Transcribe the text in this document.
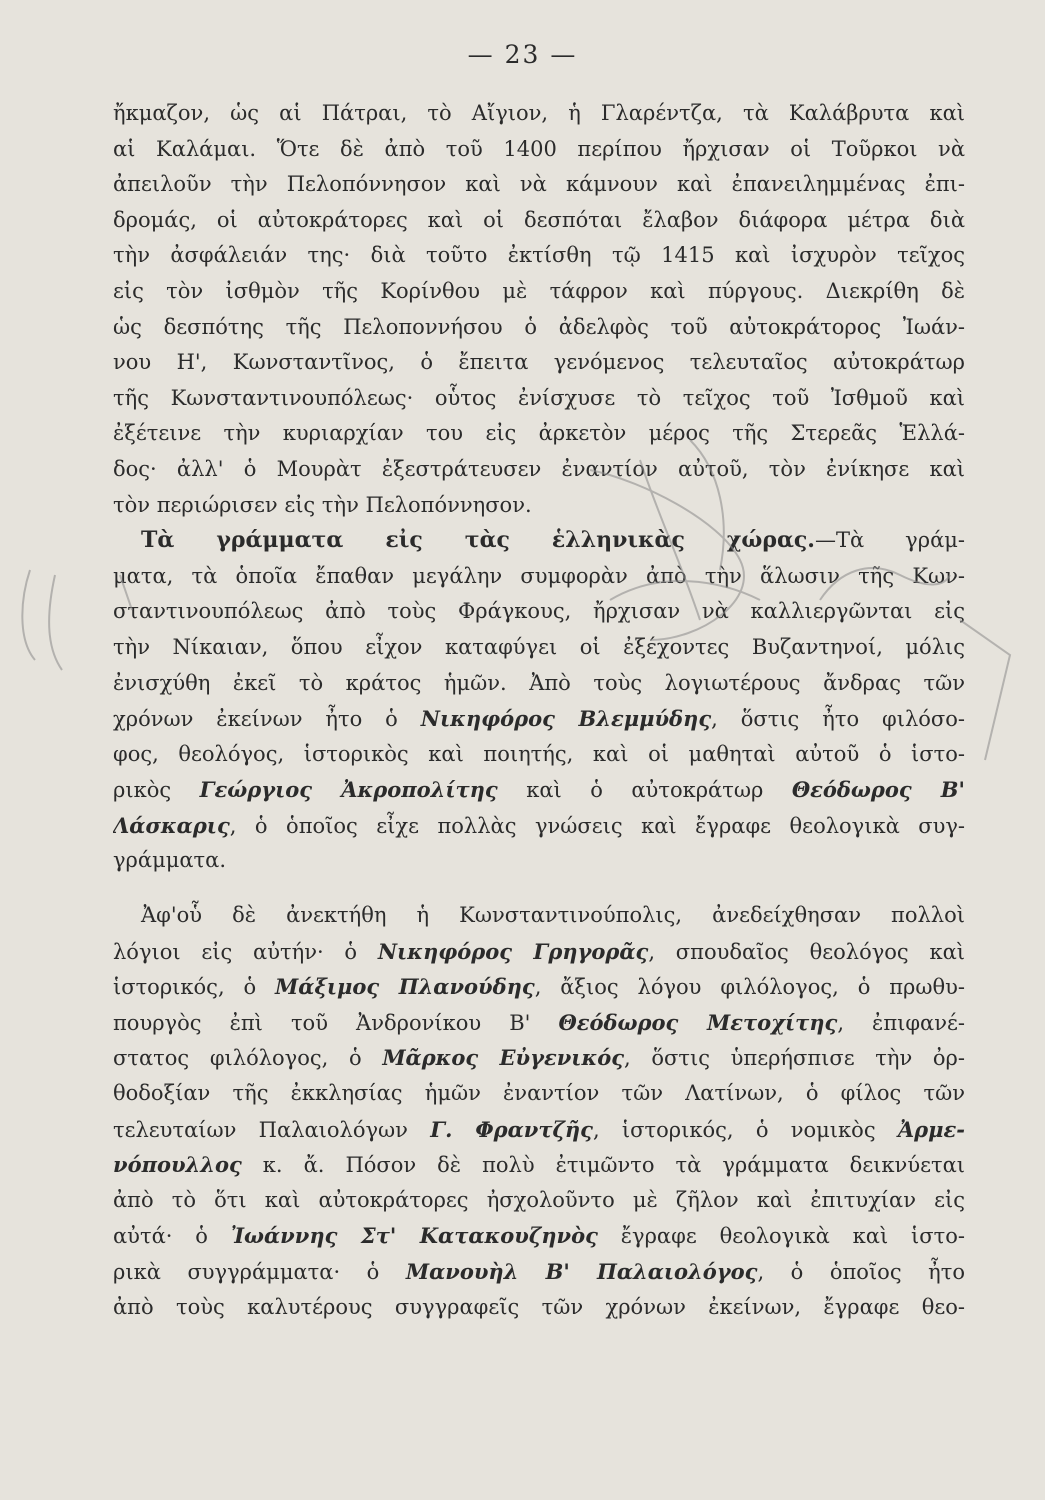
— 23 —
ἤκμαζον, ὡς αἱ Πάτραι, τὸ Αἴγιον, ἡ Γλαρέντζα, τὰ Καλάβρυτα καὶ
αἱ Καλάμαι. Ὅτε δὲ ἀπὸ τοῦ 1400 περίπου ἤρχισαν οἱ Τοῦρκοι νὰ
ἀπειλοῦν τὴν Πελοπόννησον καὶ νὰ κάμνουν καὶ ἐπανειλημμένας ἐπι-
δρομάς, οἱ αὐτοκράτορες καὶ οἱ δεσπόται ἔλαβον διάφορα μέτρα διὰ
τὴν ἀσφάλειάν της· διὰ τοῦτο ἐκτίσθη τῷ 1415 καὶ ἰσχυρὸν τεῖχος
εἰς τὸν ἰσθμὸν τῆς Κορίνθου μὲ τάφρον καὶ πύργους. Διεκρίθη δὲ
ὡς δεσπότης τῆς Πελοποννήσου ὁ ἀδελφὸς τοῦ αὐτοκράτορος Ἰωάν-
νου Η', Κωνσταντῖνος, ὁ ἔπειτα γενόμενος τελευταῖος αὐτοκράτωρ
τῆς Κωνσταντινουπόλεως· οὗτος ἐνίσχυσε τὸ τεῖχος τοῦ Ἰσθμοῦ καὶ
ἐξέτεινε τὴν κυριαρχίαν του εἰς ἀρκετὸν μέρος τῆς Στερεᾶς Ἑλλά-
δος· ἀλλ' ὁ Μουρὰτ ἐξεστράτευσεν ἐναντίον αὐτοῦ, τὸν ἐνίκησε καὶ
τὸν περιώρισεν εἰς τὴν Πελοπόννησον.
Τὰ γράμματα εἰς τὰς ἑλληνικὰς χώρας.—Τὰ γράμ-
ματα, τὰ ὁποῖα ἔπαθαν μεγάλην συμφορὰν ἀπὸ τὴν ἅλωσιν τῆς Κων-
σταντινουπόλεως ἀπὸ τοὺς Φράγκους, ἤρχισαν νὰ καλλιεργῶνται εἰς
τὴν Νίκαιαν, ὅπου εἶχον καταφύγει οἱ ἐξέχοντες Βυζαντηνοί, μόλις
ἐνισχύθη ἐκεῖ τὸ κράτος ἡμῶν. Ἀπὸ τοὺς λογιωτέρους ἄνδρας τῶν
χρόνων ἐκείνων ἦτο ὁ Νικηφόρος Βλεμμύδης, ὅστις ἦτο φιλόσο-
φος, θεολόγος, ἱστορικὸς καὶ ποιητής, καὶ οἱ μαθηταὶ αὐτοῦ ὁ ἱστο-
ρικὸς Γεώργιος Ἀκροπολίτης καὶ ὁ αὐτοκράτωρ Θεόδωρος Β'
Λάσκαρις, ὁ ὁποῖος εἶχε πολλὰς γνώσεις καὶ ἔγραφε θεολογικὰ συγ-
γράμματα.
Ἀφ'οὗ δὲ ἀνεκτήθη ἡ Κωνσταντινούπολις, ἀνεδείχθησαν πολλοὶ
λόγιοι εἰς αὐτήν· ὁ Νικηφόρος Γρηγορᾶς, σπουδαῖος θεολόγος καὶ
ἱστορικός, ὁ Μάξιμος Πλανούδης, ἄξιος λόγου φιλόλογος, ὁ πρωθυ-
πουργὸς ἐπὶ τοῦ Ἀνδρονίκου Β' Θεόδωρος Μετοχίτης, ἐπιφανέ-
στατος φιλόλογος, ὁ Μᾶρκος Εὐγενικός, ὅστις ὑπερήσπισε τὴν ὀρ-
θοδοξίαν τῆς ἐκκλησίας ἡμῶν ἐναντίον τῶν Λατίνων, ὁ φίλος τῶν
τελευταίων Παλαιολόγων Γ. Φραντζῆς, ἱστορικός, ὁ νομικὸς Ἀρμε-
νόπουλλος κ. ἄ. Πόσον δὲ πολὺ ἐτιμῶντο τὰ γράμματα δεικνύεται
ἀπὸ τὸ ὅτι καὶ αὐτοκράτορες ἠσχολοῦντο μὲ ζῆλον καὶ ἐπιτυχίαν εἰς
αὐτά· ὁ Ἰωάννης Στ' Κατακουζηνὸς ἔγραφε θεολογικὰ καὶ ἱστο-
ρικὰ συγγράμματα· ὁ Μανουὴλ Β' Παλαιολόγος, ὁ ὁποῖος ἦτο
ἀπὸ τοὺς καλυτέρους συγγραφεῖς τῶν χρόνων ἐκείνων, ἔγραφε θεο-
